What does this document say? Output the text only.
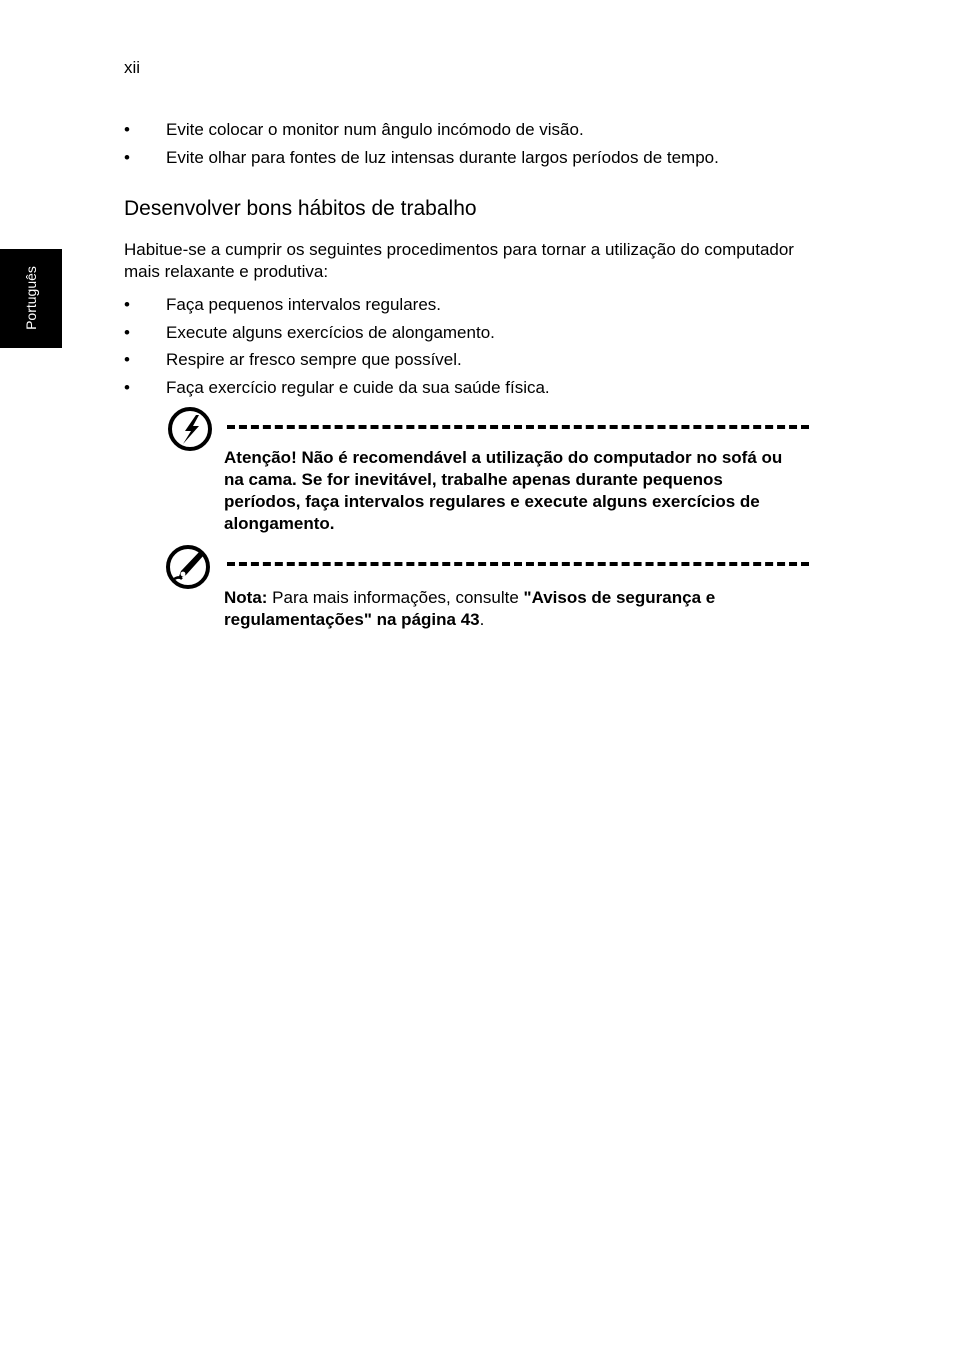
xii
Português
• Evite colocar o monitor num ângulo incómodo de visão.
• Evite olhar para fontes de luz intensas durante largos períodos de tempo.
Desenvolver bons hábitos de trabalho

Habitue-se a cumprir os seguintes procedimentos para tornar a utilização do computador mais relaxante e produtiva:

• Faça pequenos intervalos regulares.
• Execute alguns exercícios de alongamento.
• Respire ar fresco sempre que possível.
• Faça exercício regular e cuide da sua saúde física.

Atenção! Não é recomendável a utilização do computador no sofá ou na cama. Se for inevitável, trabalhe apenas durante pequenos períodos, faça intervalos regulares e execute alguns exercícios de alongamento.

Nota: Para mais informações, consulte "Avisos de segurança e regulamentações" na página 43.
